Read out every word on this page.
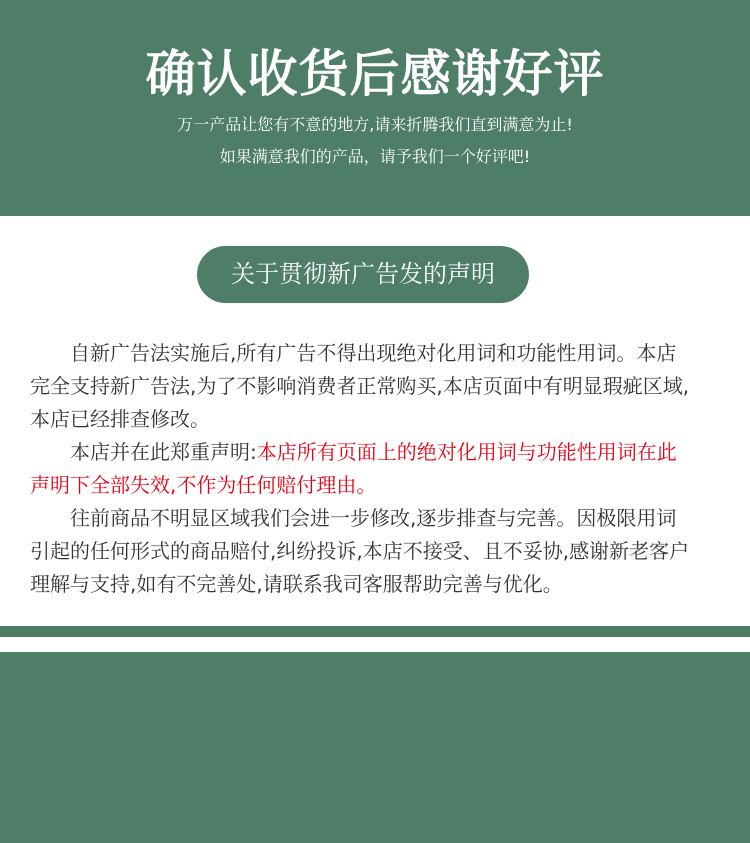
确认收货后感谢好评
万一产品让您有不意的地方,请来折腾我们直到满意为止!
如果满意我们的产品，请予我们一个好评吧!
关于贯彻新广告发的声明

自新广告法实施后,所有广告不得出现绝对化用词和功能性用词。本店完全支持新广告法,为了不影响消费者正常购买,本店页面中有明显瑕疵区域,本店已经排查修改。

本店并在此郑重声明:本店所有页面上的绝对化用词与功能性用词在此声明下全部失效,不作为任何赔付理由。

往前商品不明显区域我们会进一步修改,逐步排查与完善。因极限用词引起的任何形式的商品赔付,纠纷投诉,本店不接受、且不妥协,感谢新老客户理解与支持,如有不完善处,请联系我司客服帮助完善与优化。
